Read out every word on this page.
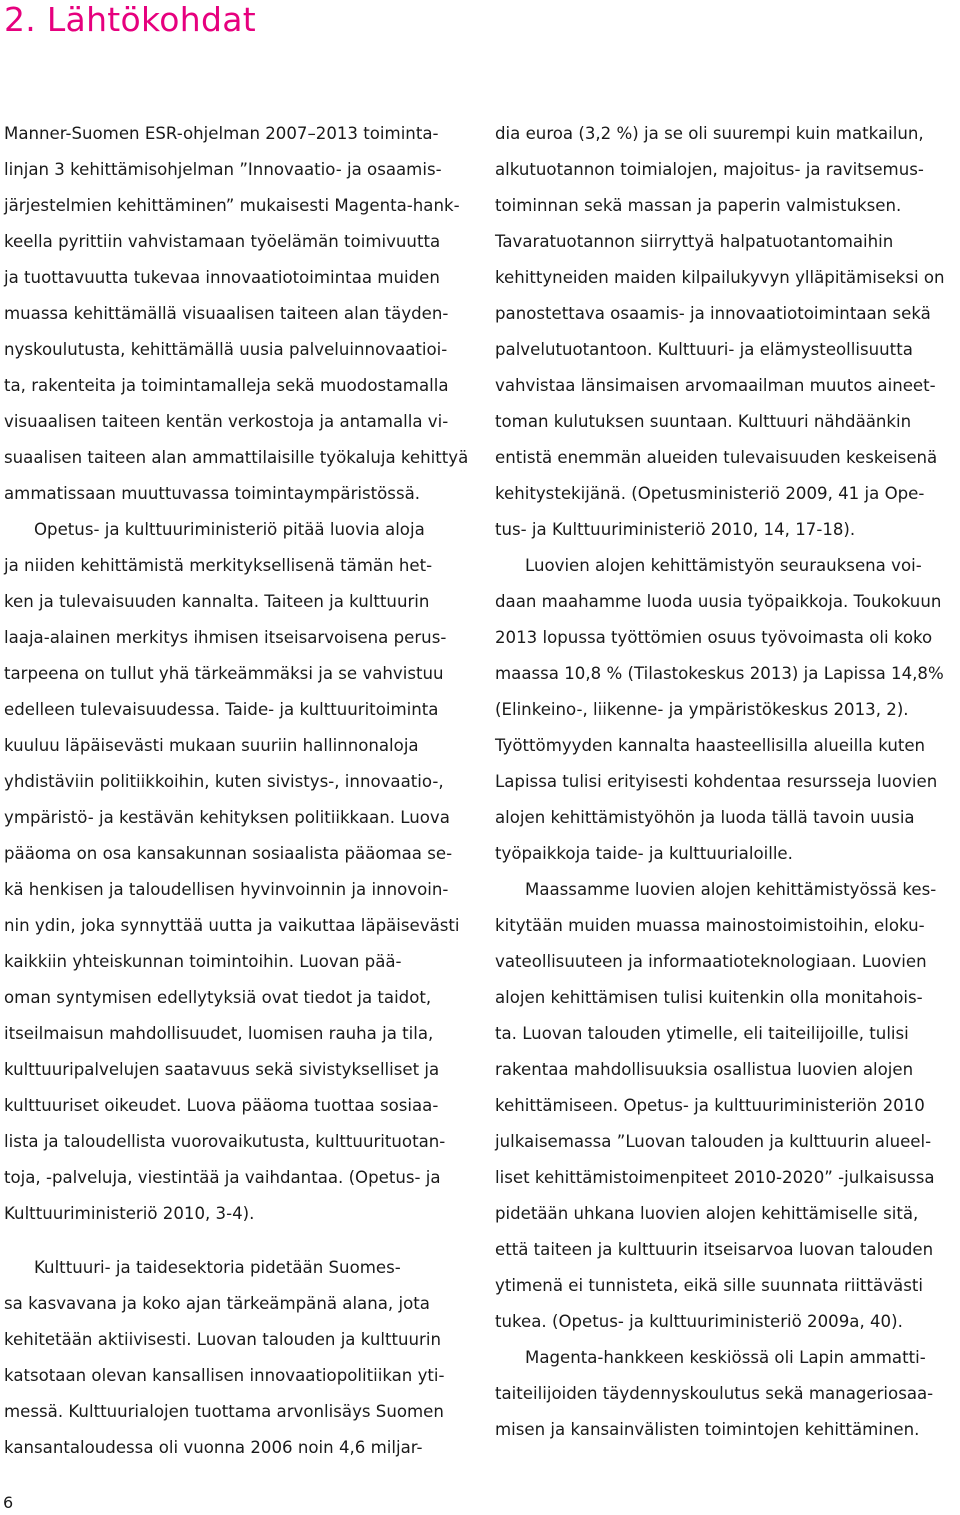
2. Lähtökohdat
Manner-Suomen ESR-ohjelman 2007–2013 toiminta-
linjan 3 kehittämisohjelman ”Innovaatio- ja osaamis-
järjestelmien kehittäminen” mukaisesti Magenta-hank-
keella pyrittiin vahvistamaan työelämän toimivuutta
ja tuottavuutta tukevaa innovaatiotoimintaa muiden
muassa kehittämällä visuaalisen taiteen alan täyden-
nyskoulutusta, kehittämällä uusia palveluinnovaatioi-
ta, rakenteita ja toimintamalleja sekä muodostamalla
visuaalisen taiteen kentän verkostoja ja antamalla vi-
suaalisen taiteen alan ammattilaisille työkaluja kehittyä
ammatissaan muuttuvassa toimintaympäristössä.
Opetus- ja kulttuuriministeriö pitää luovia aloja
ja niiden kehittämistä merkityksellisenä tämän het-
ken ja tulevaisuuden kannalta. Taiteen ja kulttuurin
laaja-alainen merkitys ihmisen itseisarvoisena perus-
tarpeena on tullut yhä tärkeämmäksi ja se vahvistuu
edelleen tulevaisuudessa. Taide- ja kulttuuritoiminta
kuuluu läpäisevästi mukaan suuriin hallinnonaloja
yhdistäviin politiikkoihin, kuten sivistys-, innovaatio-,
ympäristö- ja kestävän kehityksen politiikkaan. Luova
pääoma on osa kansakunnan sosiaalista pääomaa se-
kä henkisen ja taloudellisen hyvinvoinnin ja innovoin-
nin ydin, joka synnyttää uutta ja vaikuttaa läpäisevästi
kaikkiin yhteiskunnan toimintoihin. Luovan pää-
oman syntymisen edellytyksiä ovat tiedot ja taidot,
itseilmaisun mahdollisuudet, luomisen rauha ja tila,
kulttuuripalvelujen saatavuus sekä sivistykselliset ja
kulttuuriset oikeudet. Luova pääoma tuottaa sosiaa-
lista ja taloudellista vuorovaikutusta, kulttuurituotan-
toja, -palveluja, viestintää ja vaihdantaa. (Opetus- ja
Kulttuuriministeriö 2010, 3-4).
Kulttuuri- ja taidesektoria pidetään Suomes-
sa kasvavana ja koko ajan tärkeämpänä alana, jota
kehitetään aktiivisesti. Luovan talouden ja kulttuurin
katsotaan olevan kansallisen innovaatiopolitiikan yti-
messä. Kulttuurialojen tuottama arvonlisäys Suomen
kansantaloudessa oli vuonna 2006 noin 4,6 miljar-
dia euroa (3,2 %) ja se oli suurempi kuin matkailun,
alkutuotannon toimialojen, majoitus- ja ravitsemus-
toiminnan sekä massan ja paperin valmistuksen.
Tavaratuotannon siirryttyä halpatuotantomaihin
kehittyneiden maiden kilpailukyvyn ylläpitämiseksi on
panostettava osaamis- ja innovaatiotoimintaan sekä
palvelutuotantoon. Kulttuuri- ja elämysteollisuutta
vahvistaa länsimaisen arvomaailman muutos aineet-
toman kulutuksen suuntaan. Kulttuuri nähdäänkin
entistä enemmän alueiden tulevaisuuden keskeisenä
kehitystekijänä. (Opetusministeriö 2009, 41 ja Ope-
tus- ja Kulttuuriministeriö 2010, 14, 17-18).
Luovien alojen kehittämistyön seurauksena voi-
daan maahamme luoda uusia työpaikkoja. Toukokuun
2013 lopussa työttömien osuus työvoimasta oli koko
maassa 10,8 % (Tilastokeskus 2013) ja Lapissa 14,8%
(Elinkeino-, liikenne- ja ympäristökeskus 2013, 2).
Työttömyyden kannalta haasteellisilla alueilla kuten
Lapissa tulisi erityisesti kohdentaa resursseja luovien
alojen kehittämistyöhön ja luoda tällä tavoin uusia
työpaikkoja taide- ja kulttuurialoille.
Maassamme luovien alojen kehittämistyössä kes-
kitytään muiden muassa mainostoimistoihin, eloku-
vateollisuuteen ja informaatioteknologiaan. Luovien
alojen kehittämisen tulisi kuitenkin olla monitahois-
ta. Luovan talouden ytimelle, eli taiteilijoille, tulisi
rakentaa mahdollisuuksia osallistua luovien alojen
kehittämiseen. Opetus- ja kulttuuriministeriön 2010
julkaisemassa ”Luovan talouden ja kulttuurin alueel-
liset kehittämistoimenpiteet 2010-2020” -julkaisussa
pidetään uhkana luovien alojen kehittämiselle sitä,
että taiteen ja kulttuurin itseisarvoa luovan talouden
ytimenä ei tunnisteta, eikä sille suunnata riittävästi
tukea. (Opetus- ja kulttuuriministeriö 2009a, 40).
Magenta-hankkeen keskiössä oli Lapin ammatti-
taiteilijoiden täydennyskoulutus sekä manageriosaa-
misen ja kansainvälisten toimintojen kehittäminen.
6
